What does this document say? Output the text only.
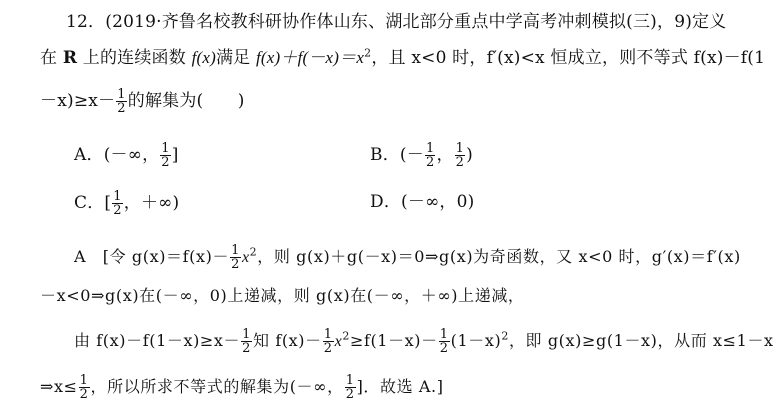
12．(2019·齐鲁名校教科研协作体山东、湖北部分重点中学高考冲刺模拟(三)，9)定义
在 R 上的连续函数 f(x)满足 $f(x)+f(-x)=x^2$，且 x<0 时，f′(x)<x 恒成立，则不等式 f(x)－f(1
$-x)\ge x- \frac{1}{2}$ 的解集为(　　)
A．(－∞， $\frac{1}{2}$ ]	B．(－ $\frac{1}{2}$ ， $\frac{1}{2}$ )
C．[ $\frac{1}{2}$ ，＋∞)	D．(－∞，0)
A　[令 $g(x)=f(x)- \frac{1}{2} x^2$，则 g(x)＋g(－x)＝0⇒g(x)为奇函数，又 x<0 时，g′(x)＝f′(x)
－x<0⇒g(x)在(－∞，0)上递减，则 g(x)在(－∞，＋∞)上递减，
由 $f(x)-f(1-x)\ge x- \frac{1}{2}$ 知 $f(x)- \frac{1}{2} x^2\ge f(1-x)- \frac{1}{2} (1-x)^2$，即 g(x)≥g(1－x)，从而 x≤1－x
⇒x≤ $\frac{1}{2}$ ，所以所求不等式的解集为(－∞， $\frac{1}{2}$ ]．故选 A.]
